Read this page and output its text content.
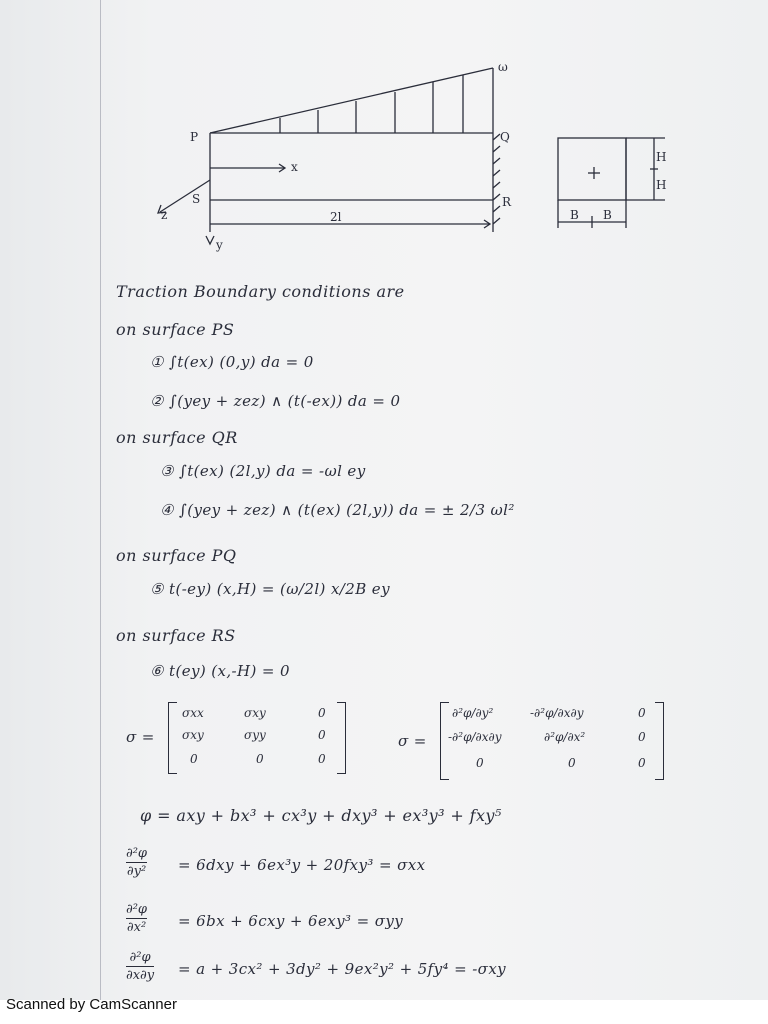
ω
P	Q
R
S
x
z
y
2l
H
H
B B
Traction Boundary conditions are
on surface PS
① ∫t(ex) (0,y) da = 0
② ∫(yey + zez) ∧ (t(-ex)) da = 0
on surface QR
③ ∫t(ex) (2l,y) da = -ωl ey
④ ∫(yey + zez) ∧ (t(ex) (2l,y)) da = ± 2/3 ωl²
on surface PQ
⑤ t(-ey) (x,H) = (ω/2l) x/2B ey
on surface RS
⑥ t(ey) (x,-H) = 0
σ =
σxx	σxy	0
σxy	σyy	0
0	0	0
σ =
∂²φ/∂y²	-∂²φ/∂x∂y	0
-∂²φ/∂x∂y	∂²φ/∂x²	0
0	0	0
φ = axy + bx³ + cx³y + dxy³ + ex³y³ + fxy⁵
∂²φ
∂y² = 6dxy + 6ex³y + 20fxy³ = σxx
∂²φ
∂x² = 6bx + 6cxy + 6exy³ = σyy
∂²φ
∂x∂y = a + 3cx² + 3dy² + 9ex²y² + 5fy⁴ = -σxy
Scanned by CamScanner
